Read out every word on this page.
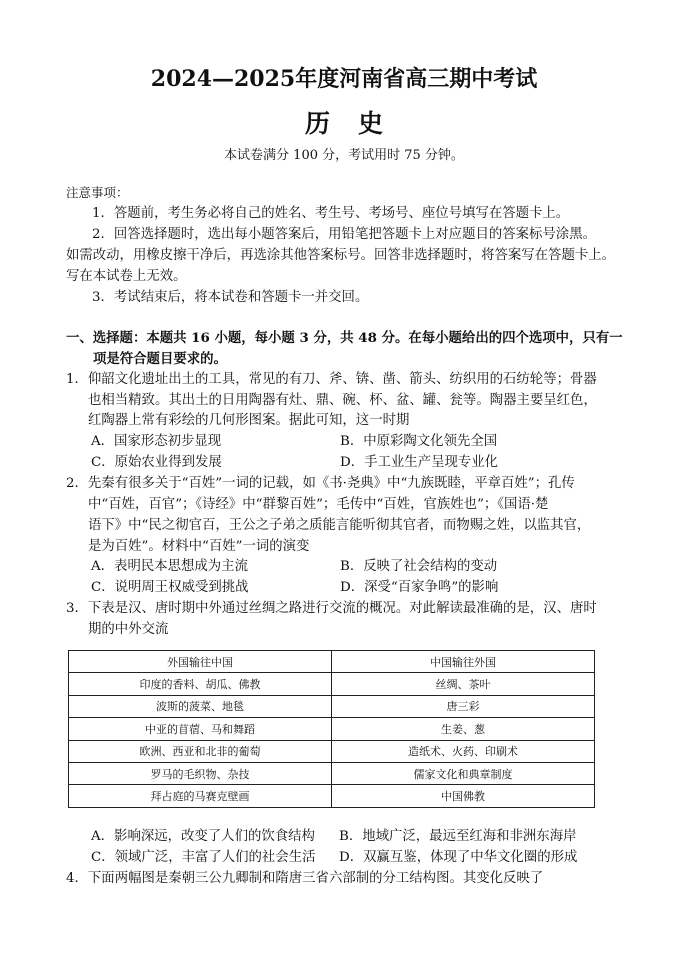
2024—2025年度河南省高三期中考试
历史
本试卷满分 100 分，考试用时 75 分钟。
注意事项：
1．答题前，考生务必将自己的姓名、考生号、考场号、座位号填写在答题卡上。
2．回答选择题时，选出每小题答案后，用铅笔把答题卡上对应题目的答案标号涂黑。
如需改动，用橡皮擦干净后，再选涂其他答案标号。回答非选择题时，将答案写在答题卡上。
写在本试卷上无效。
3．考试结束后，将本试卷和答题卡一并交回。
一、选择题：本题共 16 小题，每小题 3 分，共 48 分。在每小题给出的四个选项中，只有一
项是符合题目要求的。
1．仰韶文化遗址出土的工具，常见的有刀、斧、锛、凿、箭头、纺织用的石纺轮等；骨器
也相当精致。其出土的日用陶器有灶、鼎、碗、杯、盆、罐、瓮等。陶器主要呈红色，
红陶器上常有彩绘的几何形图案。据此可知，这一时期
A．国家形态初步显现	B．中原彩陶文化领先全国
C．原始农业得到发展	D．手工业生产呈现专业化
2．先秦有很多关于“百姓”一词的记载，如《书·尧典》中“九族既睦，平章百姓”；孔传
中“百姓，百官”；《诗经》中“群黎百姓”；毛传中“百姓，官族姓也”；《国语·楚
语下》中“民之彻官百，王公之子弟之质能言能听彻其官者，而物赐之姓，以监其官，
是为百姓”。材料中“百姓”一词的演变
A．表明民本思想成为主流	B．反映了社会结构的变动
C．说明周王权威受到挑战	D．深受“百家争鸣”的影响
3．下表是汉、唐时期中外通过丝绸之路进行交流的概况。对此解读最准确的是，汉、唐时
期的中外交流
外国输往中国	中国输往外国
印度的香料、胡瓜、佛教	丝绸、茶叶
波斯的菠菜、地毯	唐三彩
中亚的苜蓿、马和舞蹈	生姜、葱
欧洲、西亚和北非的葡萄	造纸术、火药、印刷术
罗马的毛织物、杂技	儒家文化和典章制度
拜占庭的马赛克壁画	中国佛教
A．影响深远，改变了人们的饮食结构 B．地域广泛，最远至红海和非洲东海岸
C．领域广泛，丰富了人们的社会生活 D．双赢互鉴，体现了中华文化圈的形成
4．下面两幅图是秦朝三公九卿制和隋唐三省六部制的分工结构图。其变化反映了
